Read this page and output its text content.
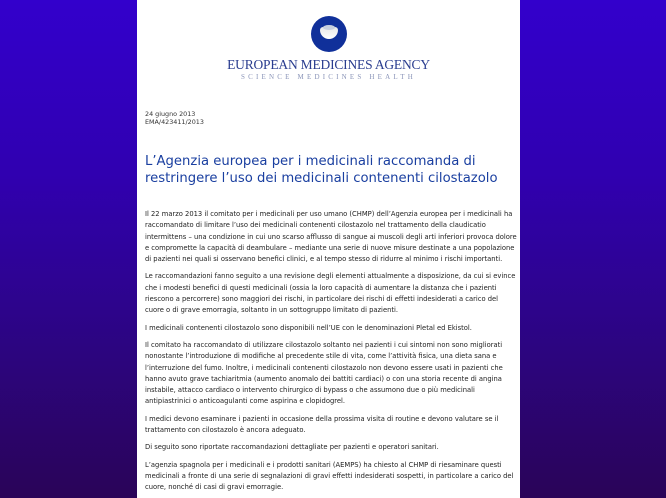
EUROPEAN MEDICINES AGENCY
SCIENCE MEDICINES HEALTH
24 giugno 2013
EMA/423411/2013
L’Agenzia europea per i medicinali raccomanda di restringere l’uso dei medicinali contenenti cilostazolo

Il 22 marzo 2013 il comitato per i medicinali per uso umano (CHMP) dell’Agenzia europea per i medicinali ha raccomandato di limitare l’uso dei medicinali contenenti cilostazolo nel trattamento della claudicatio intermittens – una condizione in cui uno scarso afflusso di sangue ai muscoli degli arti inferiori provoca dolore e compromette la capacità di deambulare – mediante una serie di nuove misure destinate a una popolazione di pazienti nei quali si osservano benefici clinici, e al tempo stesso di ridurre al minimo i rischi importanti.

Le raccomandazioni fanno seguito a una revisione degli elementi attualmente a disposizione, da cui si evince che i modesti benefici di questi medicinali (ossia la loro capacità di aumentare la distanza che i pazienti riescono a percorrere) sono maggiori dei rischi, in particolare dei rischi di effetti indesiderati a carico del cuore o di grave emorragia, soltanto in un sottogruppo limitato di pazienti.

I medicinali contenenti cilostazolo sono disponibili nell’UE con le denominazioni Pletal ed Ekistol.

Il comitato ha raccomandato di utilizzare cilostazolo soltanto nei pazienti i cui sintomi non sono migliorati nonostante l’introduzione di modifiche al precedente stile di vita, come l’attività fisica, una dieta sana e l’interruzione del fumo. Inoltre, i medicinali contenenti cilostazolo non devono essere usati in pazienti che hanno avuto grave tachiaritmia (aumento anomalo dei battiti cardiaci) o con una storia recente di angina instabile, attacco cardiaco o intervento chirurgico di bypass o che assumono due o più medicinali antipiastrinici o anticoagulanti come aspirina e clopidogrel.

I medici devono esaminare i pazienti in occasione della prossima visita di routine e devono valutare se il trattamento con cilostazolo è ancora adeguato.

Di seguito sono riportate raccomandazioni dettagliate per pazienti e operatori sanitari.

L’agenzia spagnola per i medicinali e i prodotti sanitari (AEMPS) ha chiesto al CHMP di riesaminare questi medicinali a fronte di una serie di segnalazioni di gravi effetti indesiderati sospetti, in particolare a carico del cuore, nonché di casi di gravi emorragie.
